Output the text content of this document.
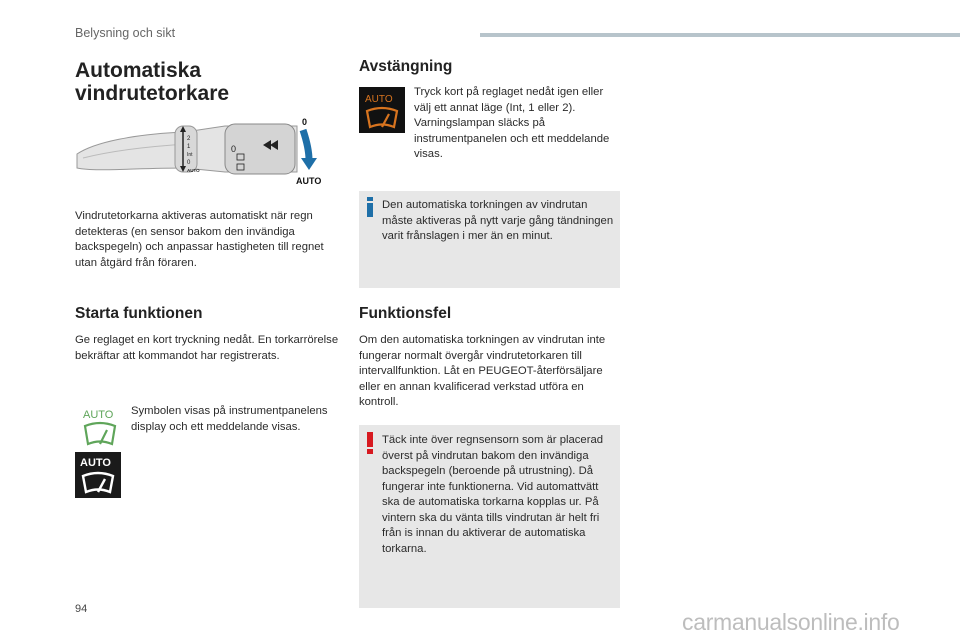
Belysning och sikt
Automatiska vindrutetorkare
2
1
Int
0
AUTO
0
0
AUTO
Vindrutetorkarna aktiveras automatiskt när regn detekteras (en sensor bakom den invändiga backspegeln) och anpassar hastigheten till regnet utan åtgärd från föraren.
Starta funktionen
Ge reglaget en kort tryckning nedåt. En torkarrörelse bekräftar att kommandot har registrerats.
AUTO
AUTO
Symbolen visas på instrumentpanelens display och ett meddelande visas.
Avstängning
AUTO
Tryck kort på reglaget nedåt igen eller välj ett annat läge (Int, 1 eller 2). Varningslampan släcks på instrumentpanelen och ett meddelande visas.
Den automatiska torkningen av vindrutan måste aktiveras på nytt varje gång tändningen varit frånslagen i mer än en minut.
Funktionsfel
Om den automatiska torkningen av vindrutan inte fungerar normalt övergår vindrutetorkaren till intervallfunktion. Låt en PEUGEOT-återförsäljare eller en annan kvalificerad verkstad utföra en kontroll.
Täck inte över regnsensorn som är placerad överst på vindrutan bakom den invändiga backspegeln (beroende på utrustning). Då fungerar inte funktionerna. Vid automattvätt ska de automatiska torkarna kopplas ur. På vintern ska du vänta tills vindrutan är helt fri från is innan du aktiverar de automatiska torkarna.
94	carmanualsonline.info
